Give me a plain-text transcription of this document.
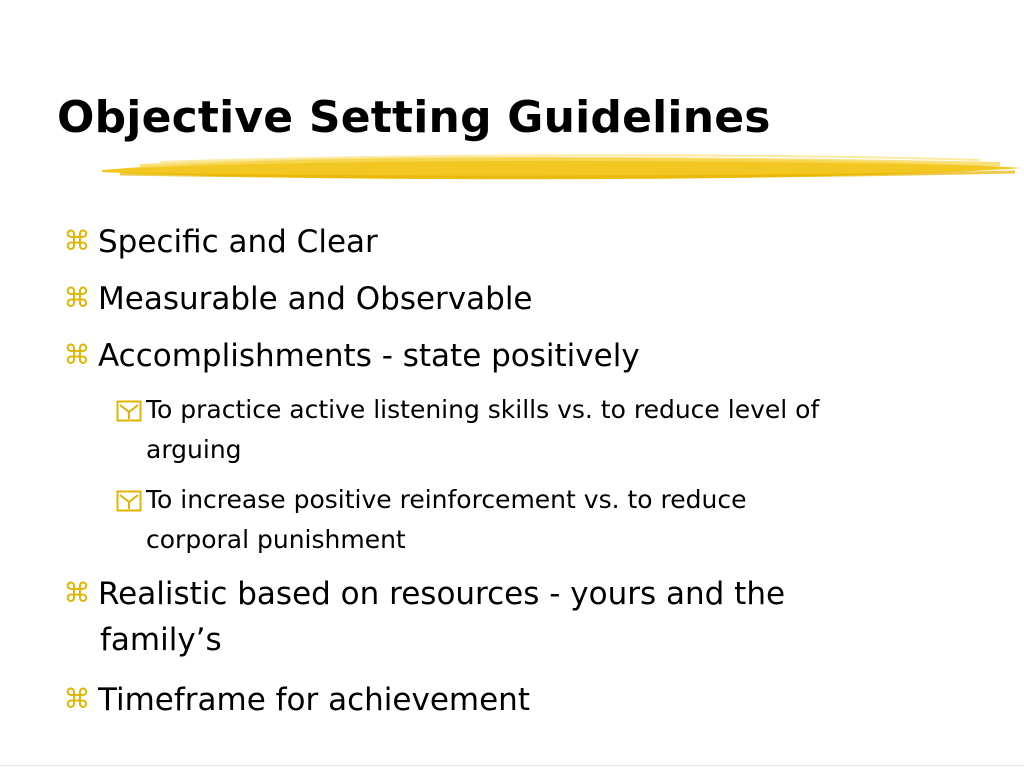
Objective Setting Guidelines
⌘ Specific and Clear
⌘ Measurable and Observable
⌘ Accomplishments - state positively
To practice active listening skills vs. to reduce level of
arguing
To increase positive reinforcement vs. to reduce
corporal punishment
⌘ Realistic based on resources - yours and the
family’s
⌘ Timeframe for achievement
